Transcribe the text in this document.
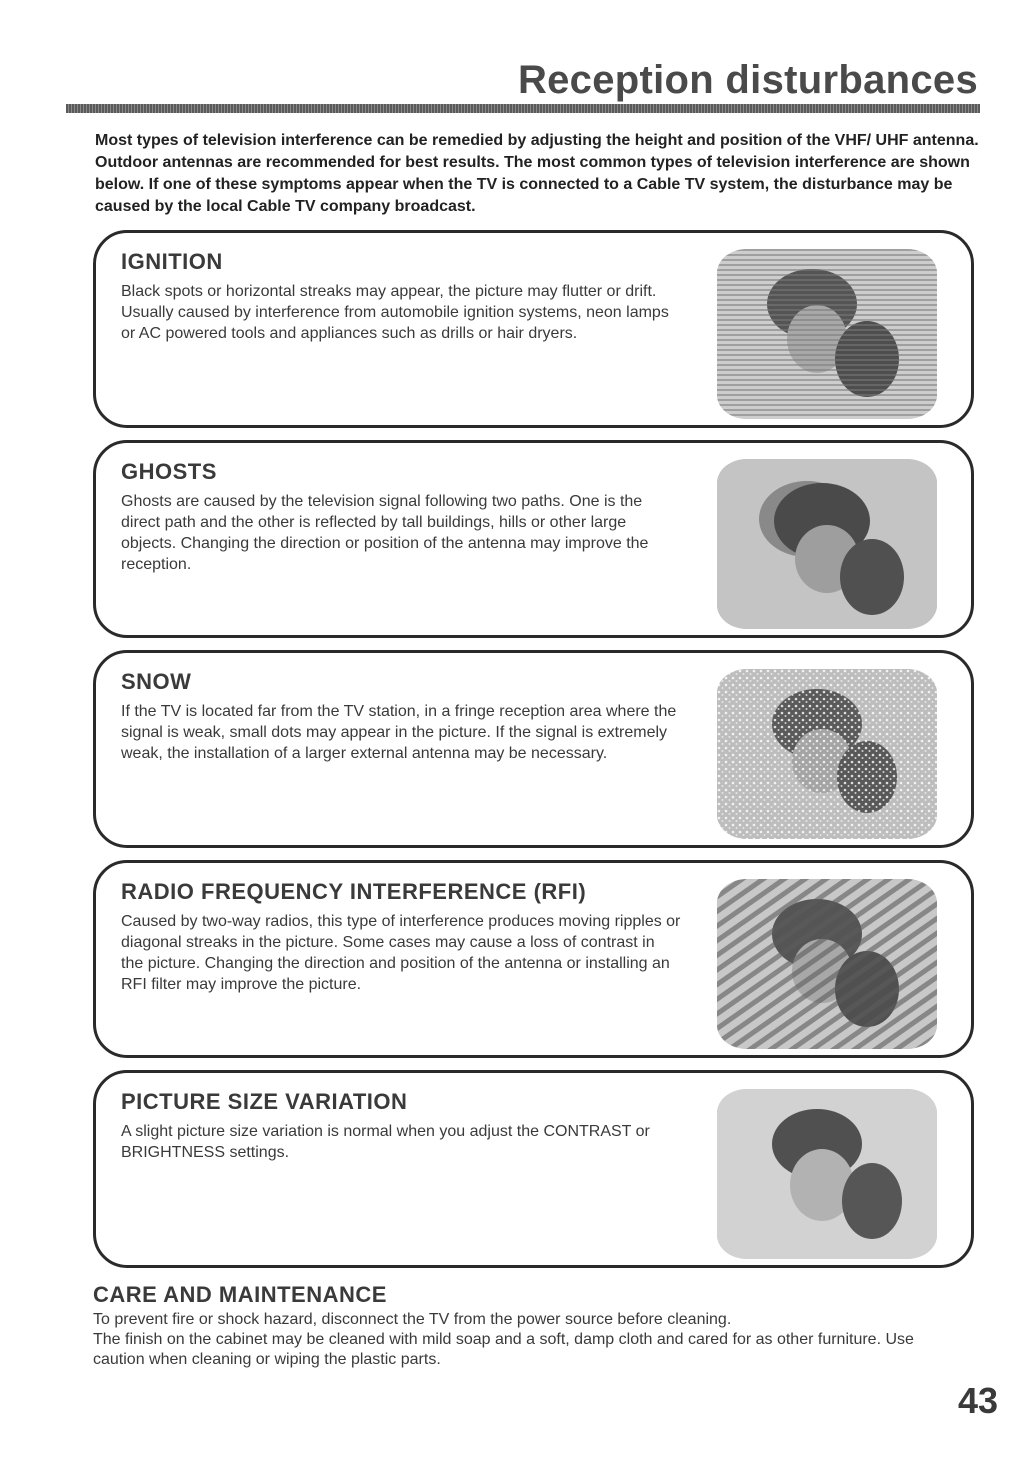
Reception disturbances
Most types of television interference can be remedied by adjusting the height and position of the VHF/ UHF antenna. Outdoor antennas are recommended for best results. The most common types of television interference are shown below. If one of these symptoms appear when the TV is connected to a Cable TV system, the disturbance may be caused by the local Cable TV company broadcast.
IGNITION

Black spots or horizontal streaks may appear, the picture may flutter or drift. Usually caused by interference from automobile ignition systems, neon lamps or AC powered tools and appliances such as drills or hair dryers.

GHOSTS

Ghosts are caused by the television signal following two paths. One is the direct path and the other is reflected by tall buildings, hills or other large objects. Changing the direction or position of the antenna may improve the reception.

SNOW

If the TV is located far from the TV station, in a fringe reception area where the signal is weak, small dots may appear in the picture. If the signal is extremely weak, the installation of a larger external antenna may be necessary.

RADIO FREQUENCY INTERFERENCE (RFI)

Caused by two-way radios, this type of interference produces moving ripples or diagonal streaks in the picture. Some cases may cause a loss of contrast in the picture. Changing the direction and position of the antenna or installing an RFI filter may improve the picture.

PICTURE SIZE VARIATION

A slight picture size variation is normal when you adjust the CONTRAST or BRIGHTNESS settings.

CARE AND MAINTENANCE
To prevent fire or shock hazard, disconnect the TV from the power source before cleaning.
The finish on the cabinet may be cleaned with mild soap and a soft, damp cloth and cared for as other furniture. Use caution when cleaning or wiping the plastic parts.
43
